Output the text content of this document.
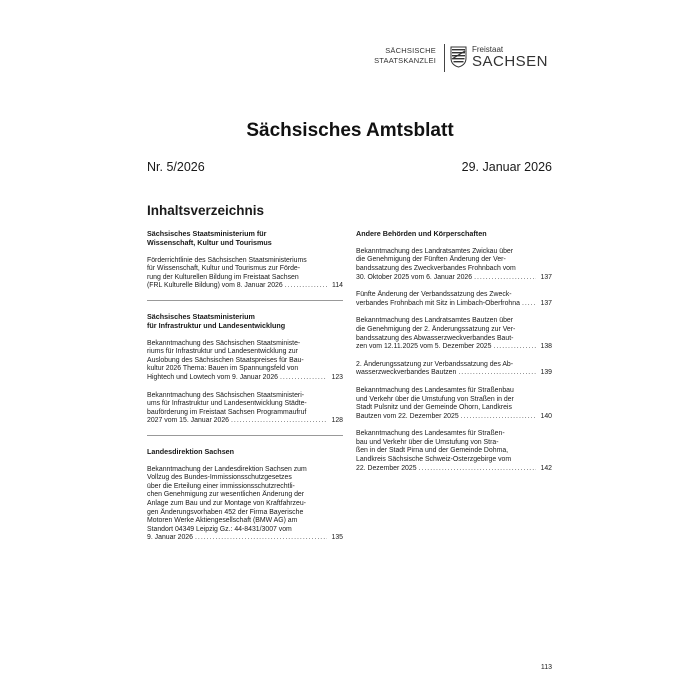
SÄCHSISCHE
STAATSKANZLEI
Freistaat
SACHSEN
Sächsisches Amtsblatt
Nr. 5/2026	29. Januar 2026
Inhaltsverzeichnis
Sächsisches Staatsministerium für
Wissenschaft, Kultur und Tourismus
Förderrichtlinie des Sächsischen Staatsministeriums
für Wissenschaft, Kultur und Tourismus zur Förde-
rung der Kulturellen Bildung im Freistaat Sachsen
(FRL Kulturelle Bildung) vom 8. Januar 2026 .....	114
Sächsisches Staatsministerium
für Infrastruktur und Landesentwicklung
Bekanntmachung des Sächsischen Staatsministe-
riums für Infrastruktur und Landesentwicklung zur
Auslobung des Sächsischen Staatspreises für Bau-
kultur 2026 Thema: Bauen im Spannungsfeld von
Hightech und Lowtech vom 9. Januar 2026 .....	123
Bekanntmachung des Sächsischen Staatsministeri-
ums für Infrastruktur und Landesentwicklung Städte-
bauförderung im Freistaat Sachsen Programmaufruf
2027 vom 15. Januar 2026 .....	128
Landesdirektion Sachsen
Bekanntmachung der Landesdirektion Sachsen zum
Vollzug des Bundes-Immissionsschutzgesetzes
über die Erteilung einer immissionsschutzrechtli-
chen Genehmigung zur wesentlichen Änderung der
Anlage zum Bau und zur Montage von Kraftfahrzeu-
gen Änderungsvorhaben 452 der Firma Bayerische
Motoren Werke Aktiengesellschaft (BMW AG) am
Standort 04349 Leipzig Gz.: 44-8431/3007 vom
9. Januar 2026 .....	135
Andere Behörden und Körperschaften
Bekanntmachung des Landratsamtes Zwickau über
die Genehmigung der Fünften Änderung der Ver-
bandssatzung des Zweckverbandes Frohnbach vom
30. Oktober 2025 vom 6. Januar 2026 .....	137
Fünfte Änderung der Verbandssatzung des Zweck-
verbandes Frohnbach mit Sitz in Limbach-Oberfrohna .....	137
Bekanntmachung des Landratsamtes Bautzen über
die Genehmigung der 2. Änderungssatzung zur Ver-
bandssatzung des Abwasserzweckverbandes Baut-
zen vom 12.11.2025 vom 5. Dezember 2025 .....	138
2. Änderungssatzung zur Verbandssatzung des Ab-
wasserzweckverbandes Bautzen .....	139
Bekanntmachung des Landesamtes für Straßenbau
und Verkehr über die Umstufung von Straßen in der
Stadt Pulsnitz und der Gemeinde Ohorn, Landkreis
Bautzen vom 22. Dezember 2025 .....	140
Bekanntmachung des Landesamtes für Straßen-
bau und Verkehr über die Umstufung von Stra-
ßen in der Stadt Pirna und der Gemeinde Dohma,
Landkreis Sächsische Schweiz-Osterzgebirge vom
22. Dezember 2025 .....	142
113
